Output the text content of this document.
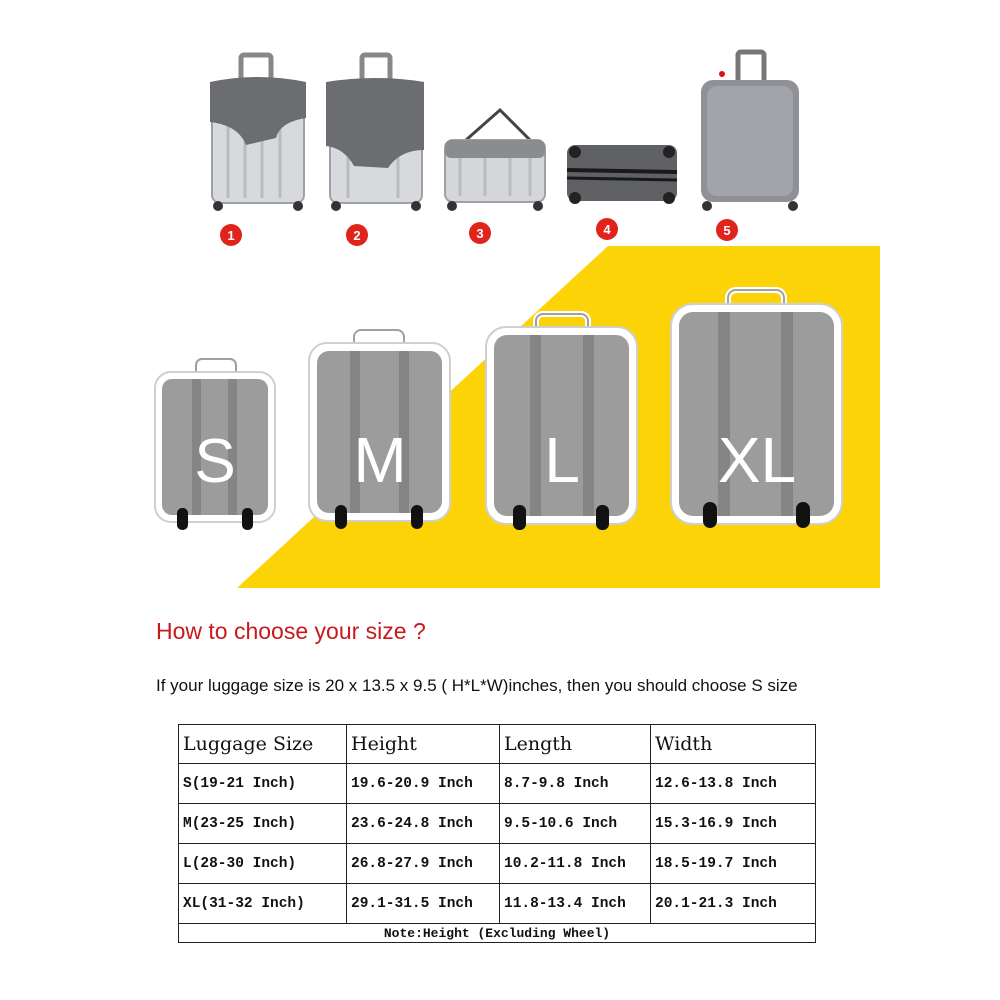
1	2	3	4	5
S M L XL
How to choose your size ?
If your luggage size is 20 x 13.5 x 9.5 ( H*L*W)inches, then you should choose S size
Luggage Size	Height	Length	Width
S(19-21 Inch)	19.6-20.9 Inch	8.7-9.8 Inch	12.6-13.8 Inch
M(23-25 Inch)	23.6-24.8 Inch	9.5-10.6 Inch	15.3-16.9 Inch
L(28-30 Inch)	26.8-27.9 Inch	10.2-11.8 Inch	18.5-19.7 Inch
XL(31-32 Inch)	29.1-31.5 Inch	11.8-13.4 Inch	20.1-21.3 Inch
Note:Height (Excluding Wheel)			
